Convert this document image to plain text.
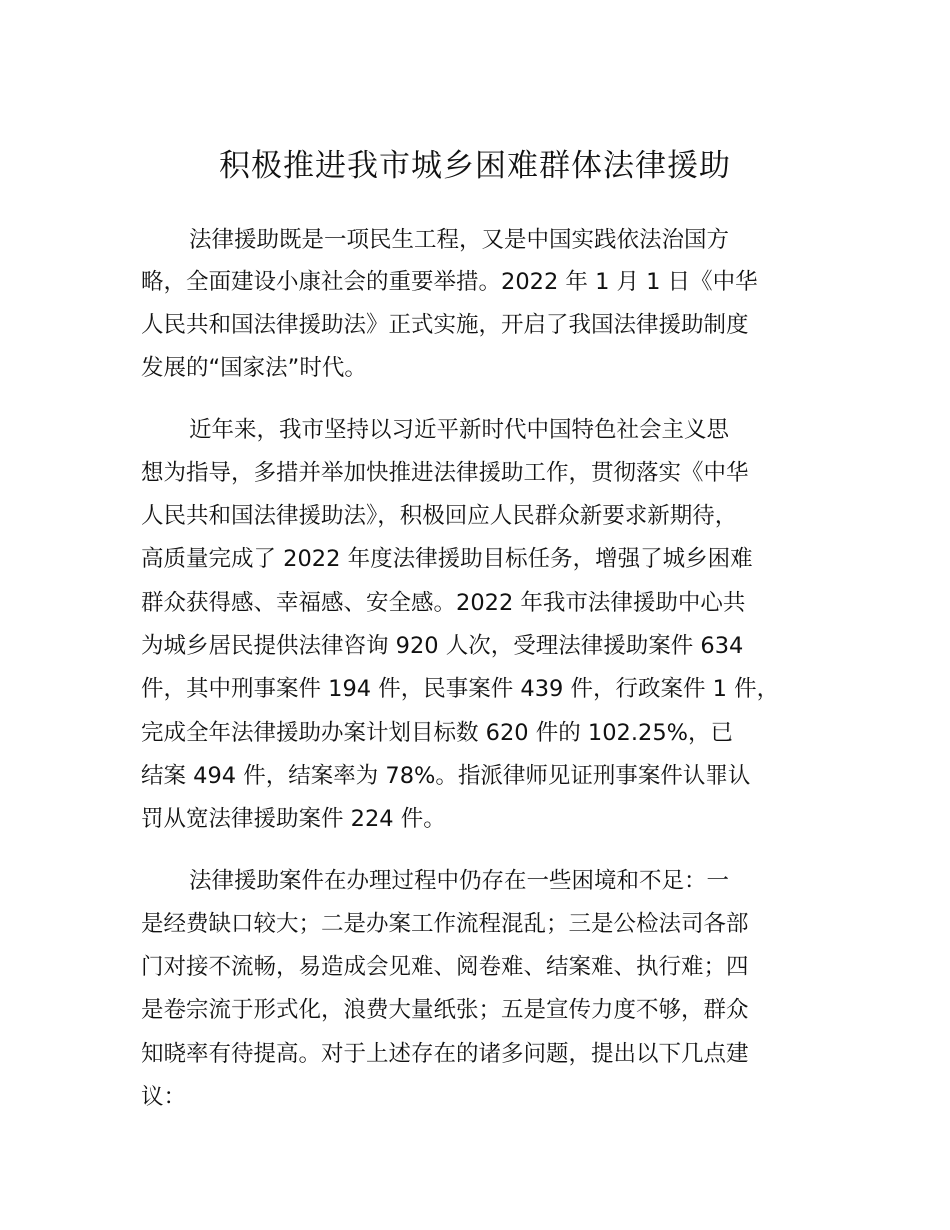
积极推进我市城乡困难群体法律援助

法律援助既是一项民生工程，又是中国实践依法治国方

略，全面建设小康社会的重要举措。2022 年 1 月 1 日《中华

人民共和国法律援助法》正式实施，开启了我国法律援助制度

发展的“国家法”时代。

近年来，我市坚持以习近平新时代中国特色社会主义思

想为指导，多措并举加快推进法律援助工作，贯彻落实《中华

人民共和国法律援助法》，积极回应人民群众新要求新期待，

高质量完成了 2022 年度法律援助目标任务，增强了城乡困难

群众获得感、幸福感、安全感。2022 年我市法律援助中心共

为城乡居民提供法律咨询 920 人次，受理法律援助案件 634

件，其中刑事案件 194 件，民事案件 439 件，行政案件 1 件，

完成全年法律援助办案计划目标数 620 件的 102.25%，已

结案 494 件，结案率为 78%。指派律师见证刑事案件认罪认

罚从宽法律援助案件 224 件。

法律援助案件在办理过程中仍存在一些困境和不足：一

是经费缺口较大；二是办案工作流程混乱；三是公检法司各部

门对接不流畅，易造成会见难、阅卷难、结案难、执行难；四

是卷宗流于形式化，浪费大量纸张；五是宣传力度不够，群众

知晓率有待提高。对于上述存在的诸多问题，提出以下几点建

议：
